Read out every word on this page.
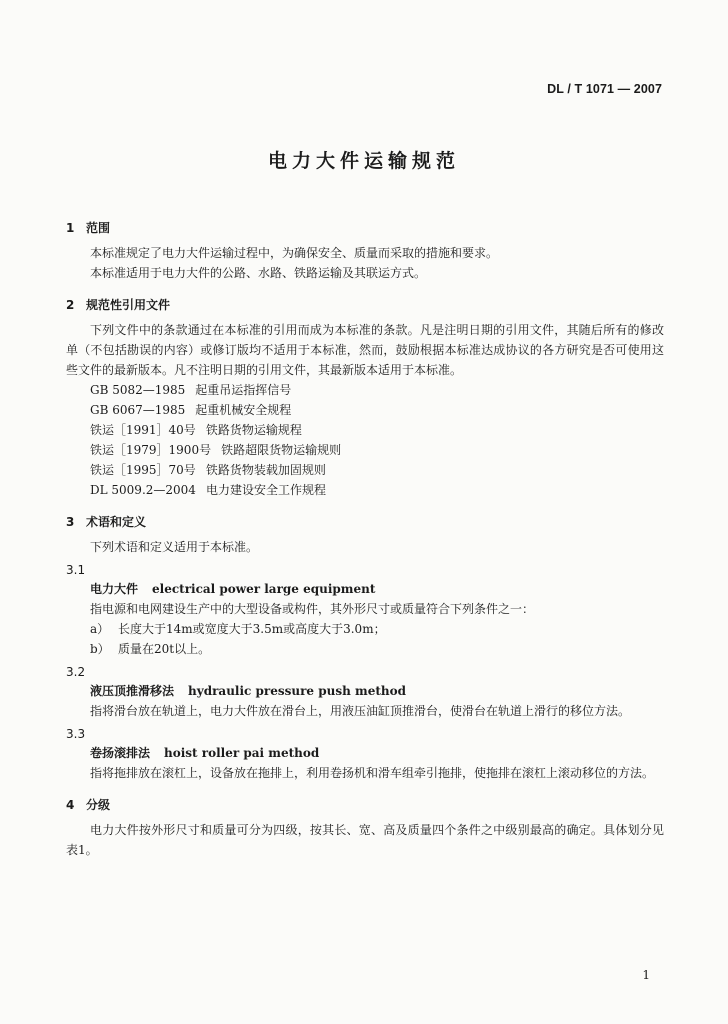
DL / T 1071 — 2007
电力大件运输规范
1 范围
本标准规定了电力大件运输过程中，为确保安全、质量而采取的措施和要求。
本标准适用于电力大件的公路、水路、铁路运输及其联运方式。
2 规范性引用文件
下列文件中的条款通过在本标准的引用而成为本标准的条款。凡是注明日期的引用文件，其随后所有的修改单（不包括勘误的内容）或修订版均不适用于本标准，然而，鼓励根据本标准达成协议的各方研究是否可使用这些文件的最新版本。凡不注明日期的引用文件，其最新版本适用于本标准。
GB 5082—1985 起重吊运指挥信号
GB 6067—1985 起重机械安全规程
铁运［1991］40号 铁路货物运输规程
铁运［1979］1900号 铁路超限货物运输规则
铁运［1995］70号 铁路货物装载加固规则
DL 5009.2—2004 电力建设安全工作规程
3 术语和定义
下列术语和定义适用于本标准。
3.1
电力大件 electrical power large equipment
指电源和电网建设生产中的大型设备或构件，其外形尺寸或质量符合下列条件之一：
a） 长度大于14m或宽度大于3.5m或高度大于3.0m；
b） 质量在20t以上。
3.2
液压顶推滑移法 hydraulic pressure push method
指将滑台放在轨道上，电力大件放在滑台上，用液压油缸顶推滑台，使滑台在轨道上滑行的移位方法。
3.3
卷扬滚排法 hoist roller pai method
指将拖排放在滚杠上，设备放在拖排上，利用卷扬机和滑车组牵引拖排，使拖排在滚杠上滚动移位的方法。
4 分级
电力大件按外形尺寸和质量可分为四级，按其长、宽、高及质量四个条件之中级别最高的确定。具体划分见表1。
1
